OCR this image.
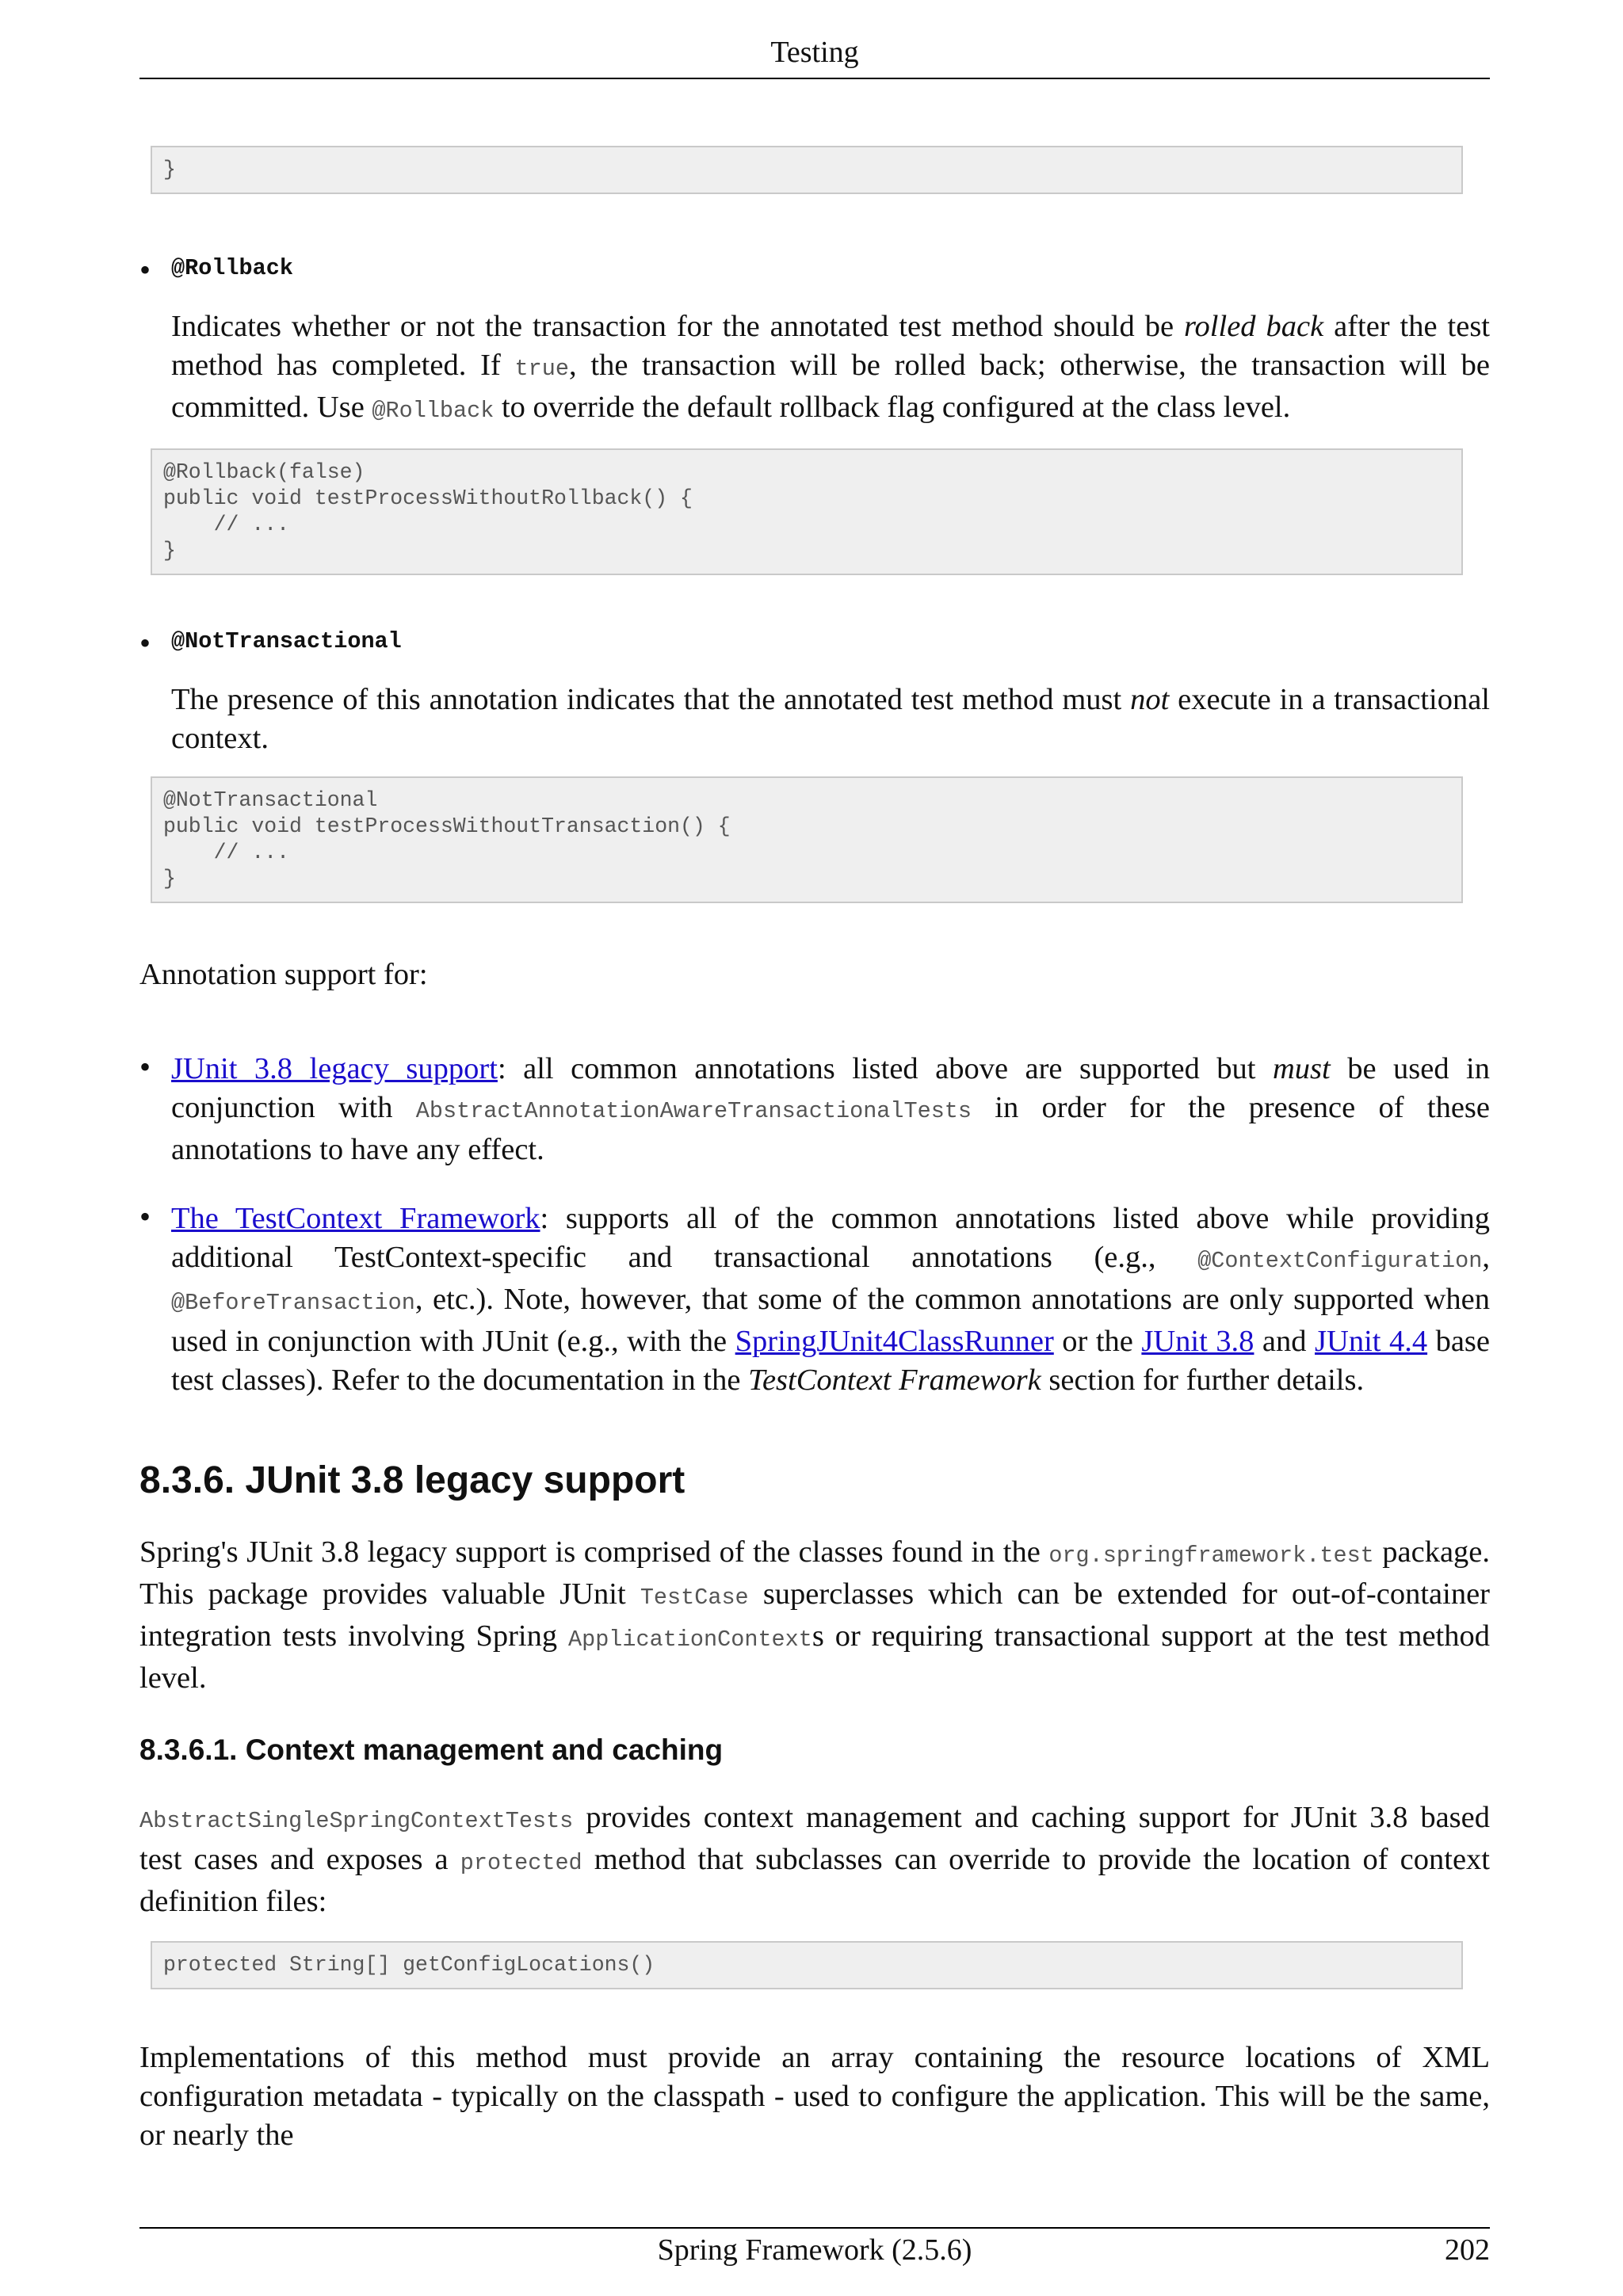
Testing
}
• @Rollback

Indicates whether or not the transaction for the annotated test method should be rolled back after the test method has completed. If true, the transaction will be rolled back; otherwise, the transaction will be committed. Use @Rollback to override the default rollback flag configured at the class level.

@Rollback(false)
public void testProcessWithoutRollback() {
// ...
}
• @NotTransactional

The presence of this annotation indicates that the annotated test method must not execute in a transactional context.

@NotTransactional
public void testProcessWithoutTransaction() {
// ...
}

Annotation support for:

• JUnit 3.8 legacy support: all common annotations listed above are supported but must be used in conjunction with AbstractAnnotationAwareTransactionalTests in order for the presence of these annotations to have any effect.

• The TestContext Framework: supports all of the common annotations listed above while providing additional TestContext-specific and transactional annotations (e.g., @ContextConfiguration, @BeforeTransaction, etc.). Note, however, that some of the common annotations are only supported when used in conjunction with JUnit (e.g., with the SpringJUnit4ClassRunner or the JUnit 3.8 and JUnit 4.4 base test classes). Refer to the documentation in the TestContext Framework section for further details.

8.3.6. JUnit 3.8 legacy support

Spring's JUnit 3.8 legacy support is comprised of the classes found in the org.springframework.test package. This package provides valuable JUnit TestCase superclasses which can be extended for out-of-container integration tests involving Spring ApplicationContexts or requiring transactional support at the test method level.

8.3.6.1. Context management and caching

AbstractSingleSpringContextTests provides context management and caching support for JUnit 3.8 based test cases and exposes a protected method that subclasses can override to provide the location of context definition files:

protected String[] getConfigLocations()

Implementations of this method must provide an array containing the resource locations of XML configuration metadata - typically on the classpath - used to configure the application. This will be the same, or nearly the

Spring Framework (2.5.6)	202
